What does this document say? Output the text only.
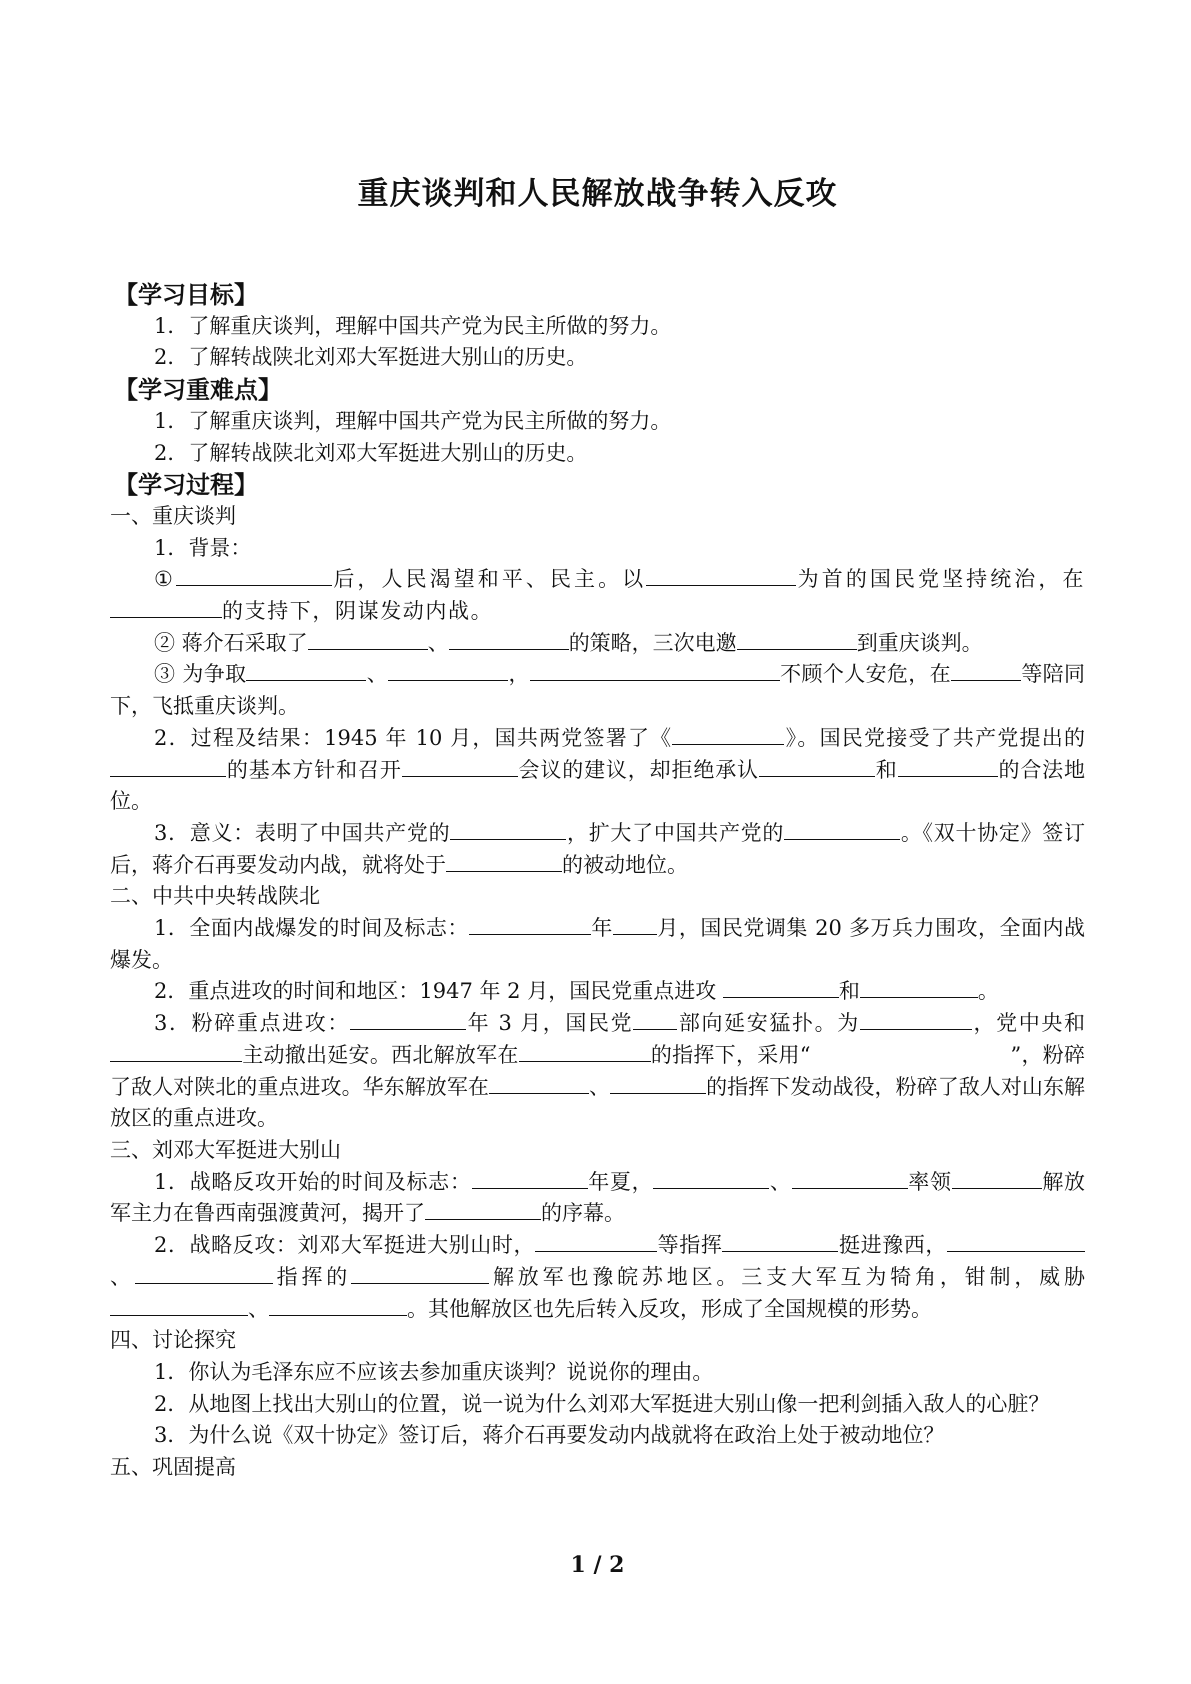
重庆谈判和人民解放战争转入反攻
【学习目标】
1．了解重庆谈判，理解中国共产党为民主所做的努力。
2．了解转战陕北刘邓大军挺进大别山的历史。
【学习重难点】
1．了解重庆谈判，理解中国共产党为民主所做的努力。
2．了解转战陕北刘邓大军挺进大别山的历史。
【学习过程】
一、重庆谈判
1．背景：
①	后，人民渴望和平、民主。以	为首的国民党坚持统治，在的支持下，阴谋发动内战。
② 蒋介石采取了	、	的策略，三次电邀	到重庆谈判。
③ 为争取	、	，	不顾个人安危，在	等陪同下，飞抵重庆谈判。
2．过程及结果：1945 年 10 月，国共两党签署了《	》。国民党接受了共产党提出的的基本方针和召开	会议的建议，却拒绝承认	和	的合法地位。
3．意义：表明了中国共产党的	，扩大了中国共产党的	。《双十协定》签订后，蒋介石再要发动内战，就将处于	的被动地位。
二、中共中央转战陕北
1．全面内战爆发的时间及标志：	年 月，国民党调集 20 多万兵力围攻，全面内战爆发。
2．重点进攻的时间和地区：1947 年 2 月，国民党重点进攻	和	。
3．粉碎重点进攻：	年 3 月，国民党 部向延安猛扑。为	，党中央和主动撤出延安。西北解放军在	的指挥下，采用“	”，粉碎了敌人对陕北的重点进攻。华东解放军在	、	的指挥下发动战役，粉碎了敌人对山东解放区的重点进攻。
三、刘邓大军挺进大别山
1．战略反攻开始的时间及标志：	年夏，	、	率领	解放军主力在鲁西南强渡黄河，揭开了	的序幕。
2．战略反攻：刘邓大军挺进大别山时，	等指挥	挺进豫西，、	指挥的	解放军也豫皖苏地区。三支大军互为犄角，钳制，威胁、	。其他解放区也先后转入反攻，形成了全国规模的形势。
四、讨论探究
1．你认为毛泽东应不应该去参加重庆谈判？说说你的理由。
2．从地图上找出大别山的位置，说一说为什么刘邓大军挺进大别山像一把利剑插入敌人的心脏？
3．为什么说《双十协定》签订后，蒋介石再要发动内战就将在政治上处于被动地位？
五、巩固提高
1 / 2
